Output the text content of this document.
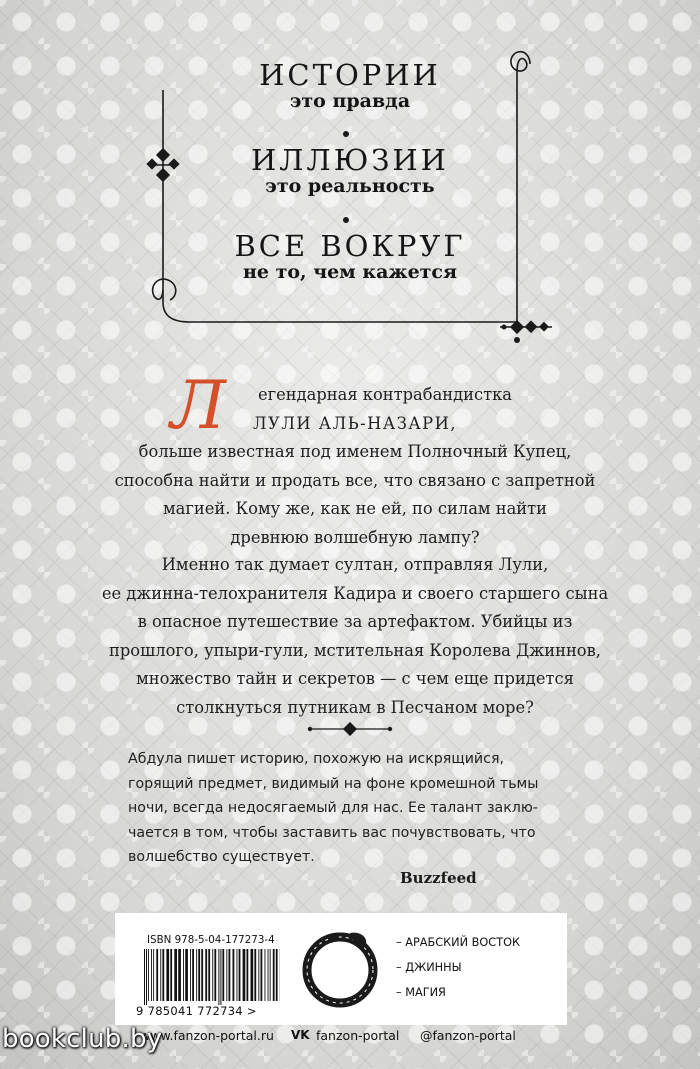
ИСТОРИИ
это правда
ИЛЛЮЗИИ
это реальность
ВСЕ ВОКРУГ
не то, чем кажется
Л	егендарная контрабандистка
ЛУЛИ АЛЬ-НАЗАРИ,
больше известная под именем Полночный Купец,
способна найти и продать все, что связано с запретной
магией. Кому же, как не ей, по силам найти
древнюю волшебную лампу?
Именно так думает султан, отправляя Лули,
ее джинна-телохранителя Кадира и своего старшего сына
в опасное путешествие за артефактом. Убийцы из
прошлого, упыри-гули, мстительная Королева Джиннов,
множество тайн и секретов — с чем еще придется
столкнуться путникам в Песчаном море?
Абдула пишет историю, похожую на искрящийся,
горящий предмет, видимый на фоне кромешной тьмы
ночи, всегда недосягаемый для нас. Ее талант заклю-
чается в том, чтобы заставить вас почувствовать, что
волшебство существует.
Buzzfeed
ISBN 978-5-04-177273-4
9 785041 772734 >
– АРАБСКИЙ ВОСТОК
– ДЖИННЫ
– МАГИЯ
www.fanzon-portal.ru VK fanzon-portal @fanzon-portal
bookclub.by
